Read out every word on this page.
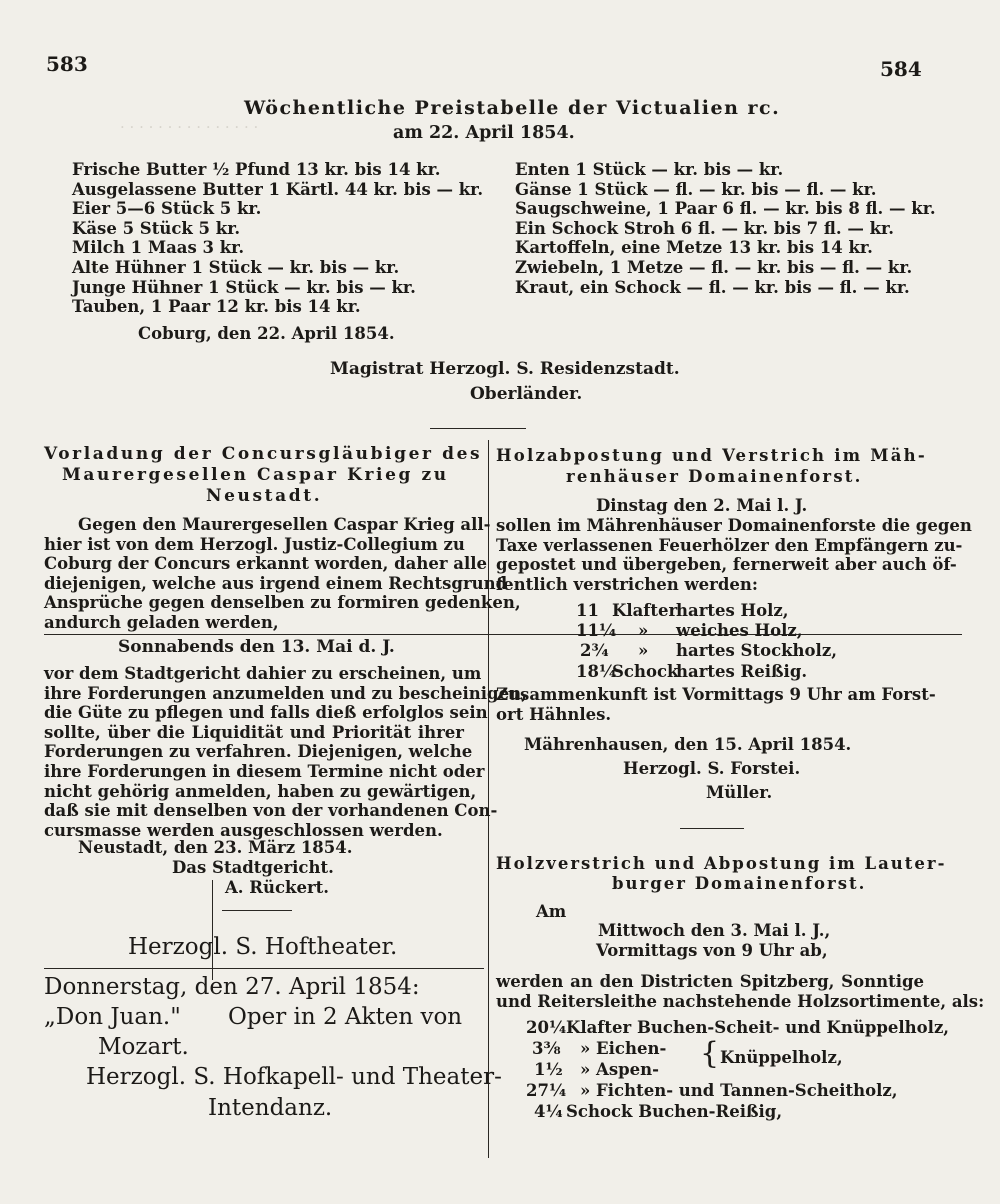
· · · · · · · · · · · · · · ·
583	584
Wöchentliche Preistabelle der Victualien rc.
am 22. April 1854.
Frische Butter ½ Pfund 13 kr. bis 14 kr.
Ausgelassene Butter 1 Kärtl. 44 kr. bis — kr.
Eier 5—6 Stück 5 kr.
Käse 5 Stück 5 kr.
Milch 1 Maas 3 kr.
Alte Hühner 1 Stück — kr. bis — kr.
Junge Hühner 1 Stück — kr. bis — kr.
Tauben, 1 Paar 12 kr. bis 14 kr.
Enten 1 Stück — kr. bis — kr.
Gänse 1 Stück — fl. — kr. bis — fl. — kr.
Saugschweine, 1 Paar 6 fl. — kr. bis 8 fl. — kr.
Ein Schock Stroh 6 fl. — kr. bis 7 fl. — kr.
Kartoffeln, eine Metze 13 kr. bis 14 kr.
Zwiebeln, 1 Metze — fl. — kr. bis — fl. — kr.
Kraut, ein Schock — fl. — kr. bis — fl. — kr.
Coburg, den 22. April 1854.
Magistrat Herzogl. S. Residenzstadt.
Oberländer.
Vorladung der Concursgläubiger des
Maurergesellen Caspar Krieg zu
Neustadt.
Gegen den Maurergesellen Caspar Krieg all-
hier ist von dem Herzogl. Justiz-Collegium zu
Coburg der Concurs erkannt worden, daher alle
diejenigen, welche aus irgend einem Rechtsgrund
Ansprüche gegen denselben zu formiren gedenken,
andurch geladen werden,
Sonnabends den 13. Mai d. J.
vor dem Stadtgericht dahier zu erscheinen, um
ihre Forderungen anzumelden und zu bescheinigen,
die Güte zu pflegen und falls dieß erfolglos sein
sollte, über die Liquidität und Priorität ihrer
Forderungen zu verfahren. Diejenigen, welche
ihre Forderungen in diesem Termine nicht oder
nicht gehörig anmelden, haben zu gewärtigen,
daß sie mit denselben von der vorhandenen Con-
cursmasse werden ausgeschlossen werden.
Neustadt, den 23. März 1854.
Das Stadtgericht.
A. Rückert.
Herzogl. S. Hoftheater.
Donnerstag, den 27. April 1854:
„Don Juan." Oper in 2 Akten von
Mozart.
Herzogl. S. Hofkapell- und Theater-
Intendanz.
Holzabpostung und Verstrich im Mäh-
renhäuser Domainenforst.
Dinstag den 2. Mai l. J.
sollen im Mährenhäuser Domainenforste die gegen
Taxe verlassenen Feuerhölzer den Empfängern zu-
gepostet und übergeben, fernerweit aber auch öf-
fentlich verstrichen werden:
11 Klafter
hartes Holz,
11¼ » weiches Holz,
2¾ » hartes Stockholz,
18¼
Schock
hartes Reißig.
Zusammenkunft ist Vormittags 9 Uhr am Forst-
ort Hähnles.
Mährenhausen, den 15. April 1854.
Herzogl. S. Forstei.
Müller.
Holzverstrich und Abpostung im Lauter-
burger Domainenforst.
Am
Mittwoch den 3. Mai l. J.,
Vormittags von 9 Uhr ab,
werden an den Districten Spitzberg, Sonntige
und Reitersleithe nachstehende Holzsortimente, als:
20¼ Klafter Buchen-Scheit- und Knüppelholz,
3⅜ » Eichen-
1½ » Aspen- { Knüppelholz,
27¼ » Fichten- und Tannen-Scheitholz,
4¼ Schock Buchen-Reißig,
